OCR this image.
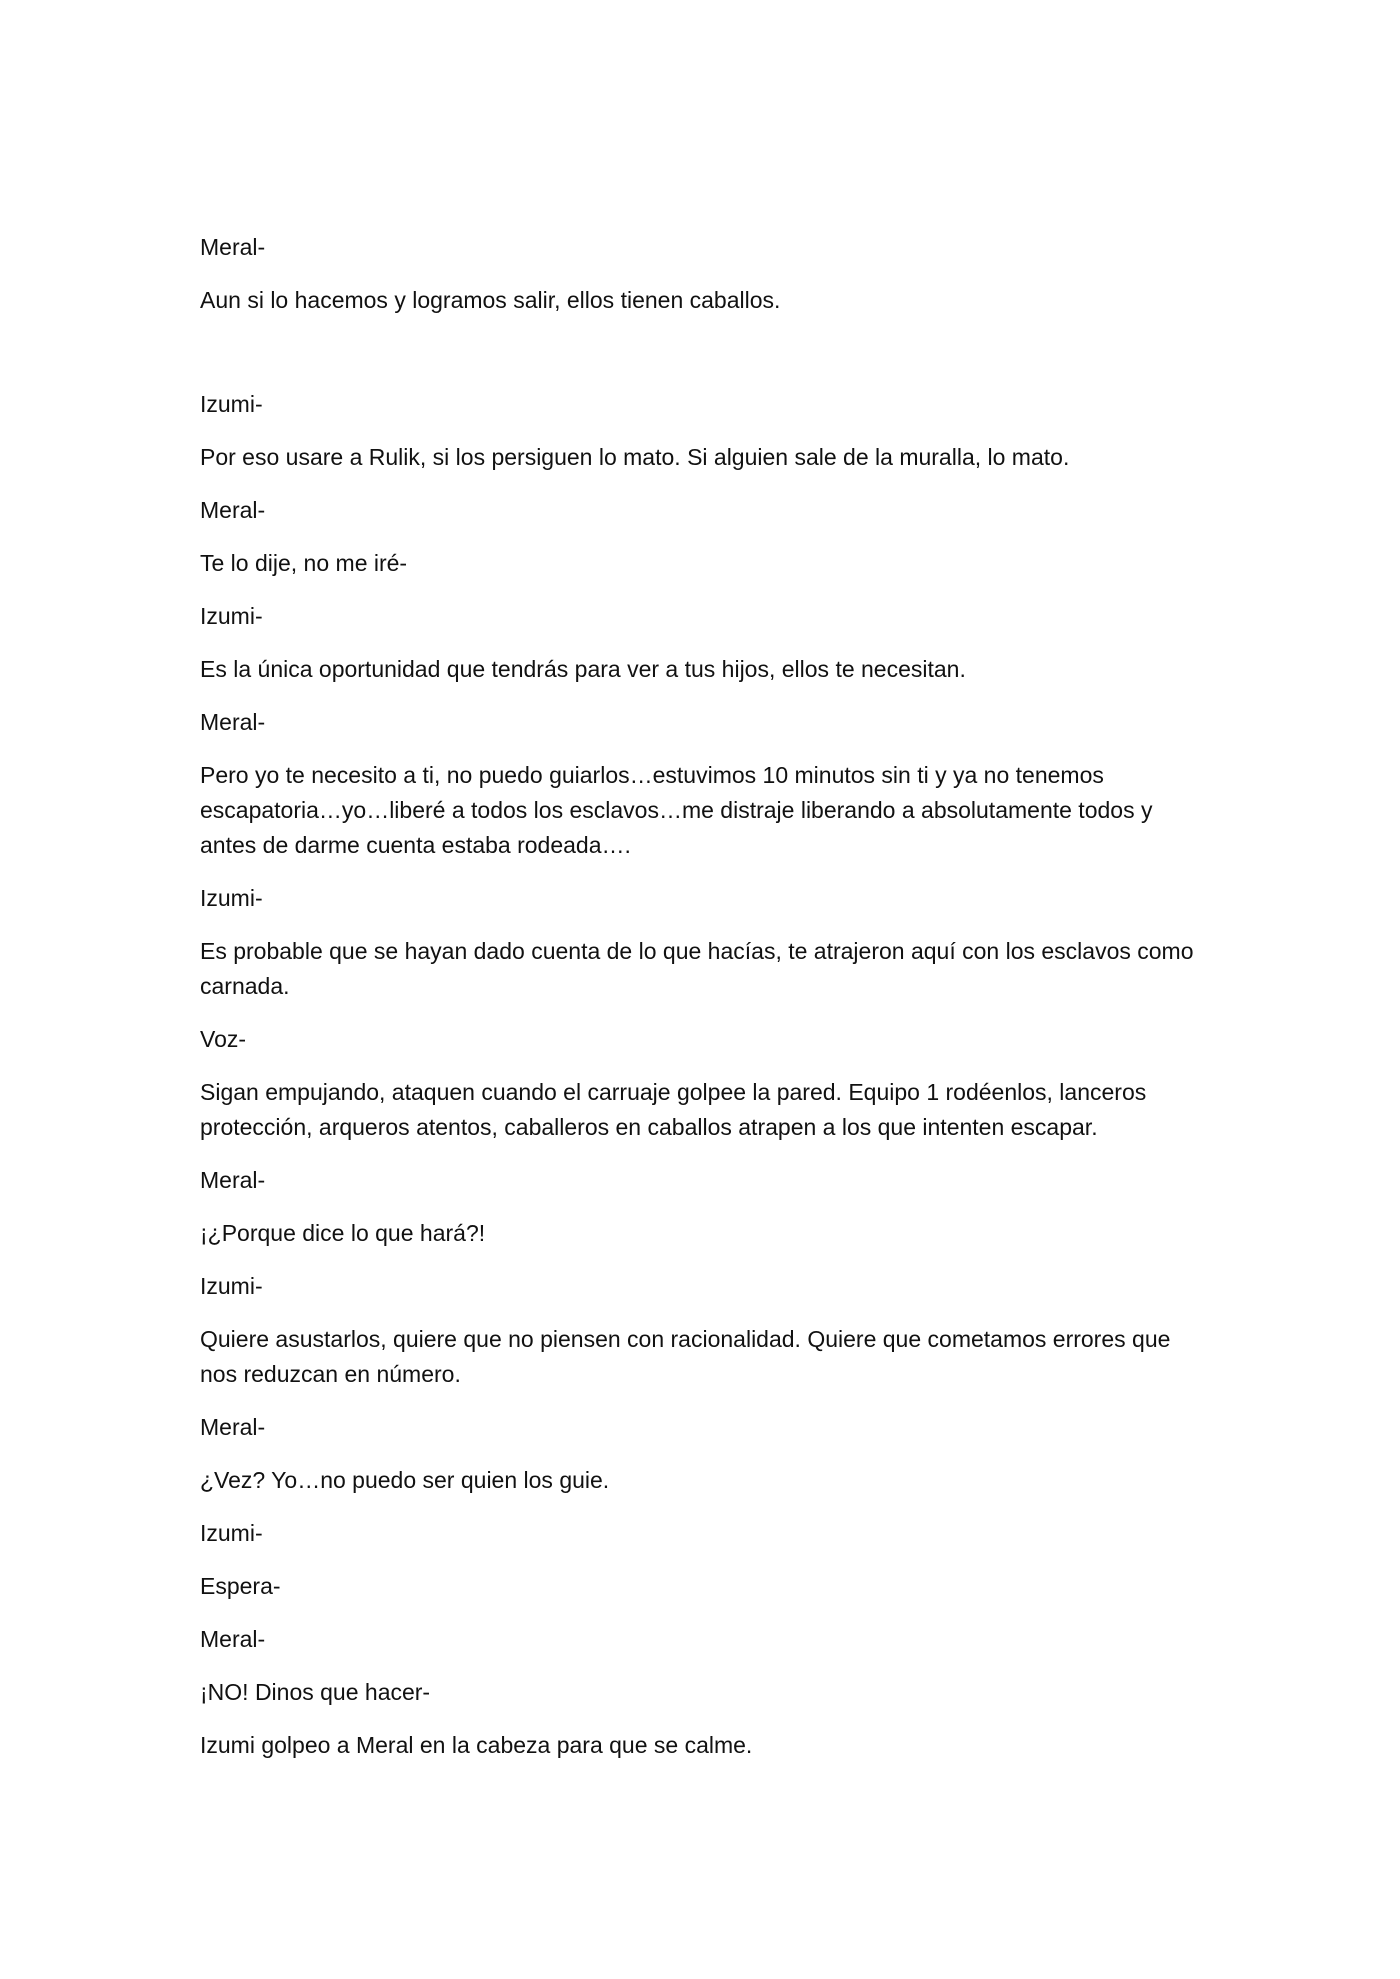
Meral-

Aun si lo hacemos y logramos salir, ellos tienen caballos.

Izumi-

Por eso usare a Rulik, si los persiguen lo mato. Si alguien sale de la muralla, lo mato.

Meral-

Te lo dije, no me iré-

Izumi-

Es la única oportunidad que tendrás para ver a tus hijos, ellos te necesitan.

Meral-

Pero yo te necesito a ti, no puedo guiarlos…estuvimos 10 minutos sin ti y ya no tenemos escapatoria…yo…liberé a todos los esclavos…me distraje liberando a absolutamente todos y antes de darme cuenta estaba rodeada….

Izumi-

Es probable que se hayan dado cuenta de lo que hacías, te atrajeron aquí con los esclavos como carnada.

Voz-

Sigan empujando, ataquen cuando el carruaje golpee la pared. Equipo 1 rodéenlos, lanceros protección, arqueros atentos, caballeros en caballos atrapen a los que intenten escapar.

Meral-

¡¿Porque dice lo que hará?!

Izumi-

Quiere asustarlos, quiere que no piensen con racionalidad. Quiere que cometamos errores que nos reduzcan en número.

Meral-

¿Vez? Yo…no puedo ser quien los guie.

Izumi-

Espera-

Meral-

¡NO! Dinos que hacer-

Izumi golpeo a Meral en la cabeza para que se calme.
